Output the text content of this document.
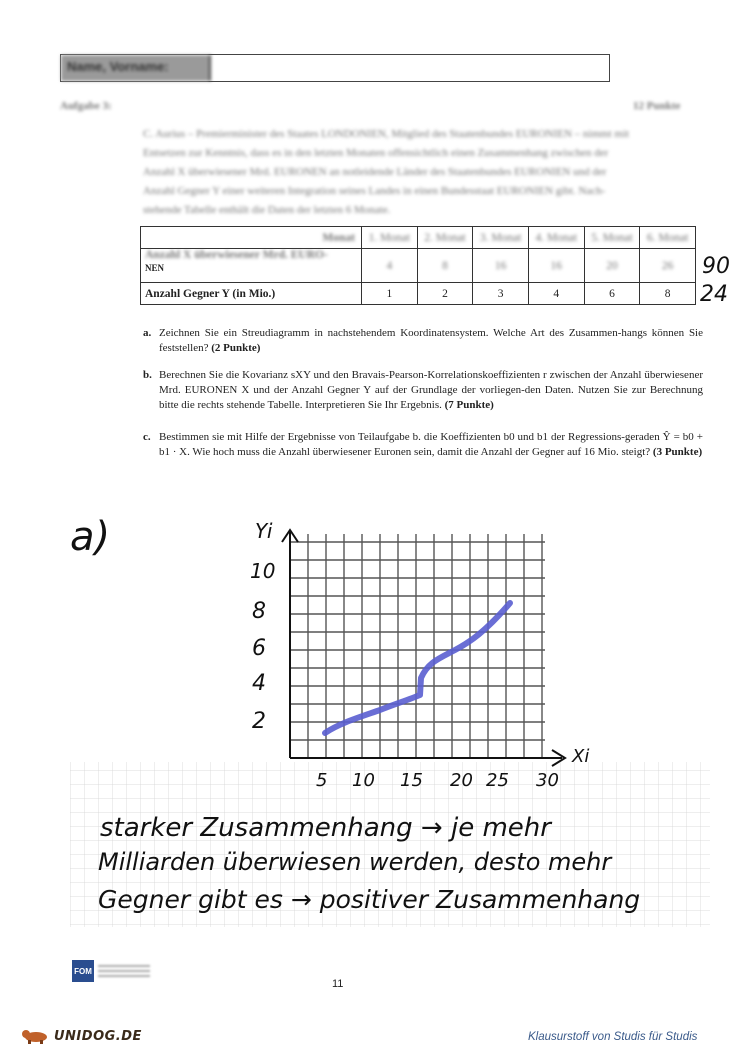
Name, Vorname:
Aufgabe 3:	12 Punkte
C. Aurius – Premierminister des Staates LONDONIEN, Mitglied des Staatenbundes EURONIEN – nimmt mit
Entsetzen zur Kenntnis, dass es in den letzten Monaten offensichtlich einen Zusammenhang zwischen der
Anzahl X überwiesener Mrd. EURONEN an notleidende Länder des Staatenbundes EURONIEN und der
Anzahl Gegner Y einer weiteren Integration seines Landes in einen Bundesstaat EURONIEN gibt. Nach-
stehende Tabelle enthält die Daten der letzten 6 Monate.
Monat	1. Monat	2. Monat	3. Monat	4. Monat	5. Monat	6. Monat

Anzahl X überwiesener Mrd. EURO-
NEN	4	8	16	16	20	26
Anzahl Gegner Y (in Mio.)	1	2	3	4	6	8
90
24
a. Zeichnen Sie ein Streudiagramm in nachstehendem Koordinatensystem. Welche Art des Zusammen-hangs können Sie feststellen? (2 Punkte)
b. Berechnen Sie die Kovarianz sXY und den Bravais-Pearson-Korrelationskoeffizienten r zwischen der Anzahl überwiesener Mrd. EURONEN X und der Anzahl Gegner Y auf der Grundlage der vorliegen-den Daten. Nutzen Sie zur Berechnung bitte die rechts stehende Tabelle. Interpretieren Sie Ihr Ergebnis. (7 Punkte)
c. Bestimmen sie mit Hilfe der Ergebnisse von Teilaufgabe b. die Koeffizienten b0 und b1 der Regressions-geraden Ŷ = b0 + b1 · X. Wie hoch muss die Anzahl überwiesener Euronen sein, damit die Anzahl der Gegner auf 16 Mio. steigt? (3 Punkte)
a)	Yi
Xi
2
4
6
8
10
5 10 15 20 25 30
starker Zusammenhang → je mehr
Milliarden überwiesen werden, desto mehr
Gegner gibt es → positiver Zusammenhang
FOM
11
UNIDOG.DE	Klausurstoff von Studis für Studis
